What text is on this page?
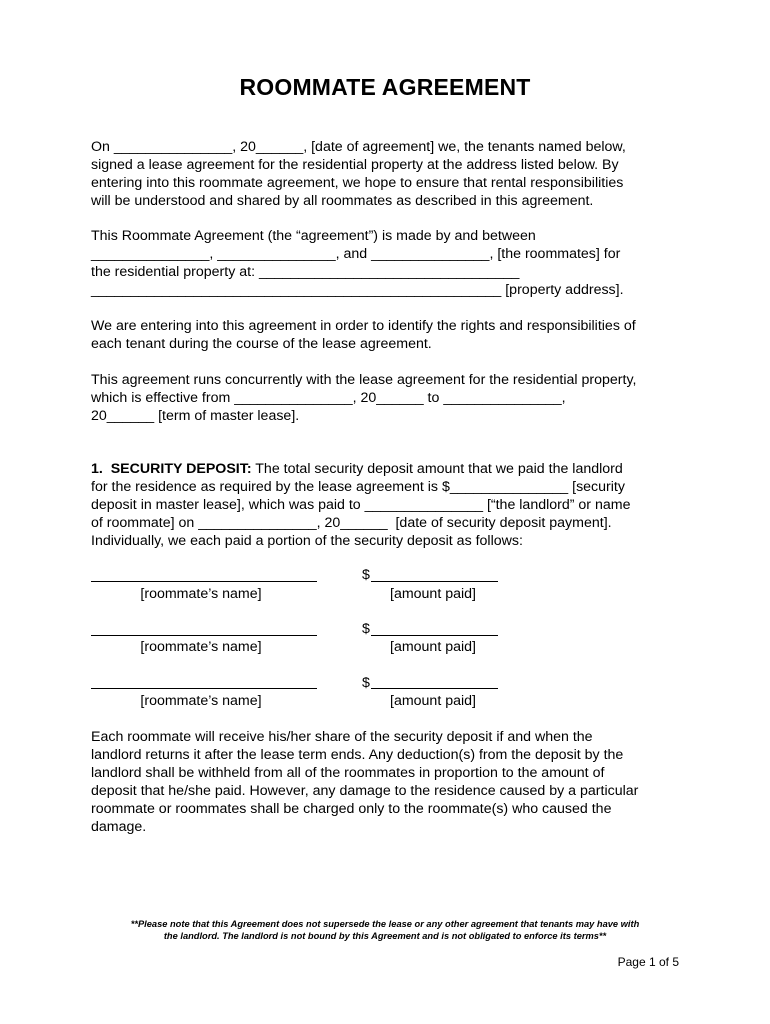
ROOMMATE AGREEMENT

On _______________, 20______, [date of agreement] we, the tenants named below,
signed a lease agreement for the residential property at the address listed below. By
entering into this roommate agreement, we hope to ensure that rental responsibilities
will be understood and shared by all roommates as described in this agreement.

This Roommate Agreement (the “agreement”) is made by and between
_______________, _______________, and _______________, [the roommates] for
the residential property at: _________________________________
____________________________________________________ [property address].

We are entering into this agreement in order to identify the rights and responsibilities of
each tenant during the course of the lease agreement.

This agreement runs concurrently with the lease agreement for the residential property,
which is effective from _______________, 20______ to _______________,
20______ [term of master lease].

1.  SECURITY DEPOSIT: The total security deposit amount that we paid the landlord
for the residence as required by the lease agreement is $_______________ [security
deposit in master lease], which was paid to _______________ [“the landlord” or name
of roommate] on _______________, 20______  [date of security deposit payment].
Individually, we each paid a portion of the security deposit as follows:

[roommate’s name]
$
[amount paid]
[roommate’s name]
$
[amount paid]
[roommate’s name]
$
[amount paid]

Each roommate will receive his/her share of the security deposit if and when the
landlord returns it after the lease term ends. Any deduction(s) from the deposit by the
landlord shall be withheld from all of the roommates in proportion to the amount of
deposit that he/she paid. However, any damage to the residence caused by a particular
roommate or roommates shall be charged only to the roommate(s) who caused the
damage.

**Please note that this Agreement does not supersede the lease or any other agreement that tenants may have with
the landlord. The landlord is not bound by this Agreement and is not obligated to enforce its terms**
Page 1 of 5
